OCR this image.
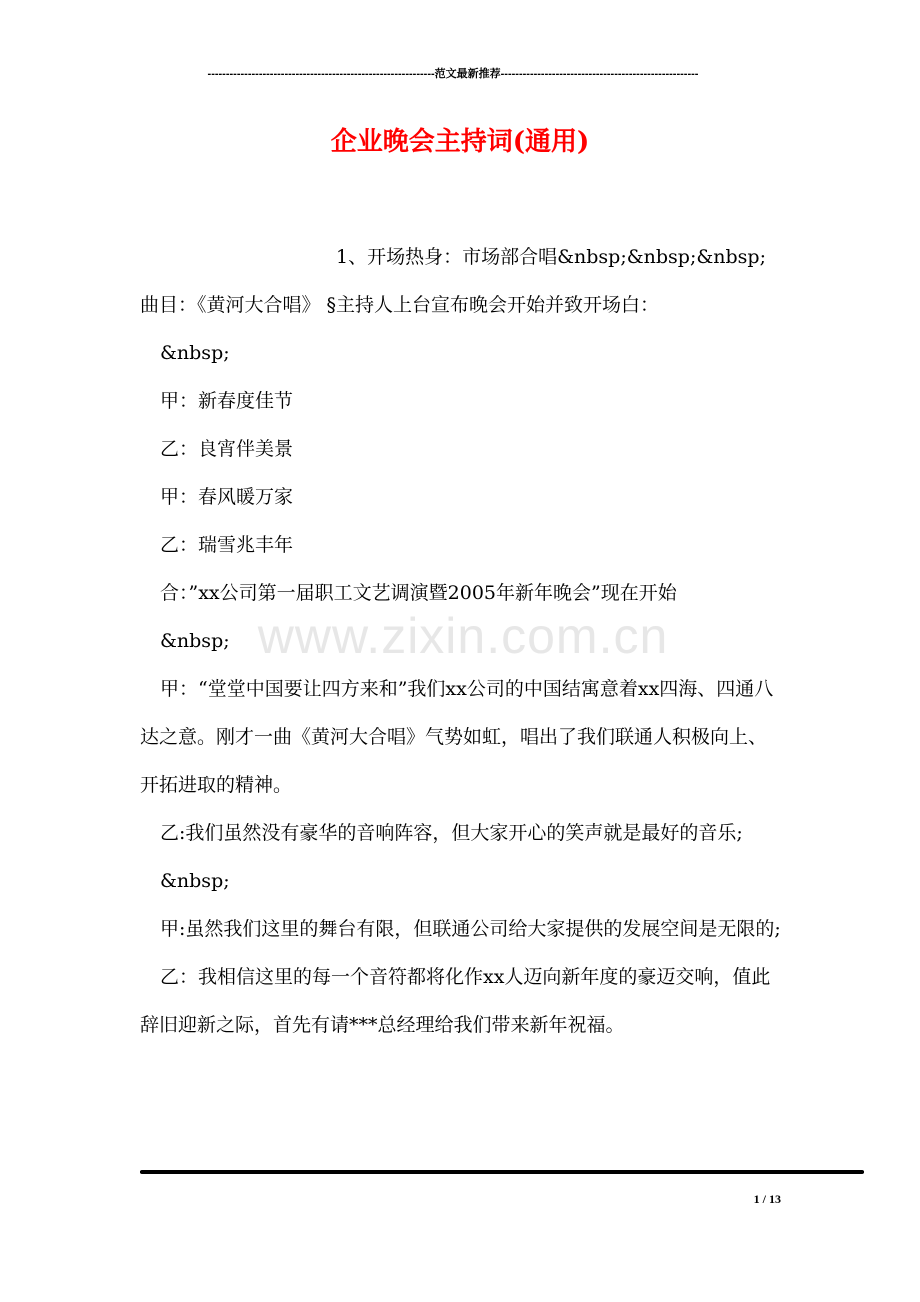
--------------------------------------------------------------范文最新推荐------------------------------------------------------
企业晚会主持词(通用)
www.zixin.com.cn

1、开场热身：市场部合唱&nbsp;&nbsp;&nbsp;曲目：《黄河大合唱》 §主持人上台宣布晚会开始并致开场白：

&nbsp;

甲：新春度佳节

乙：良宵伴美景

甲：春风暖万家

乙：瑞雪兆丰年

合：”xx公司第一届职工文艺调演暨2005年新年晚会”现在开始

&nbsp;

甲：“堂堂中国要让四方来和”我们xx公司的中国结寓意着xx四海、四通八达之意。刚才一曲《黄河大合唱》气势如虹，唱出了我们联通人积极向上、开拓进取的精神。

乙:我们虽然没有豪华的音响阵容，但大家开心的笑声就是最好的音乐;

&nbsp;

甲:虽然我们这里的舞台有限，但联通公司给大家提供的发展空间是无限的;

乙：我相信这里的每一个音符都将化作xx人迈向新年度的豪迈交响，值此辞旧迎新之际，首先有请***总经理给我们带来新年祝福。

1 / 13
